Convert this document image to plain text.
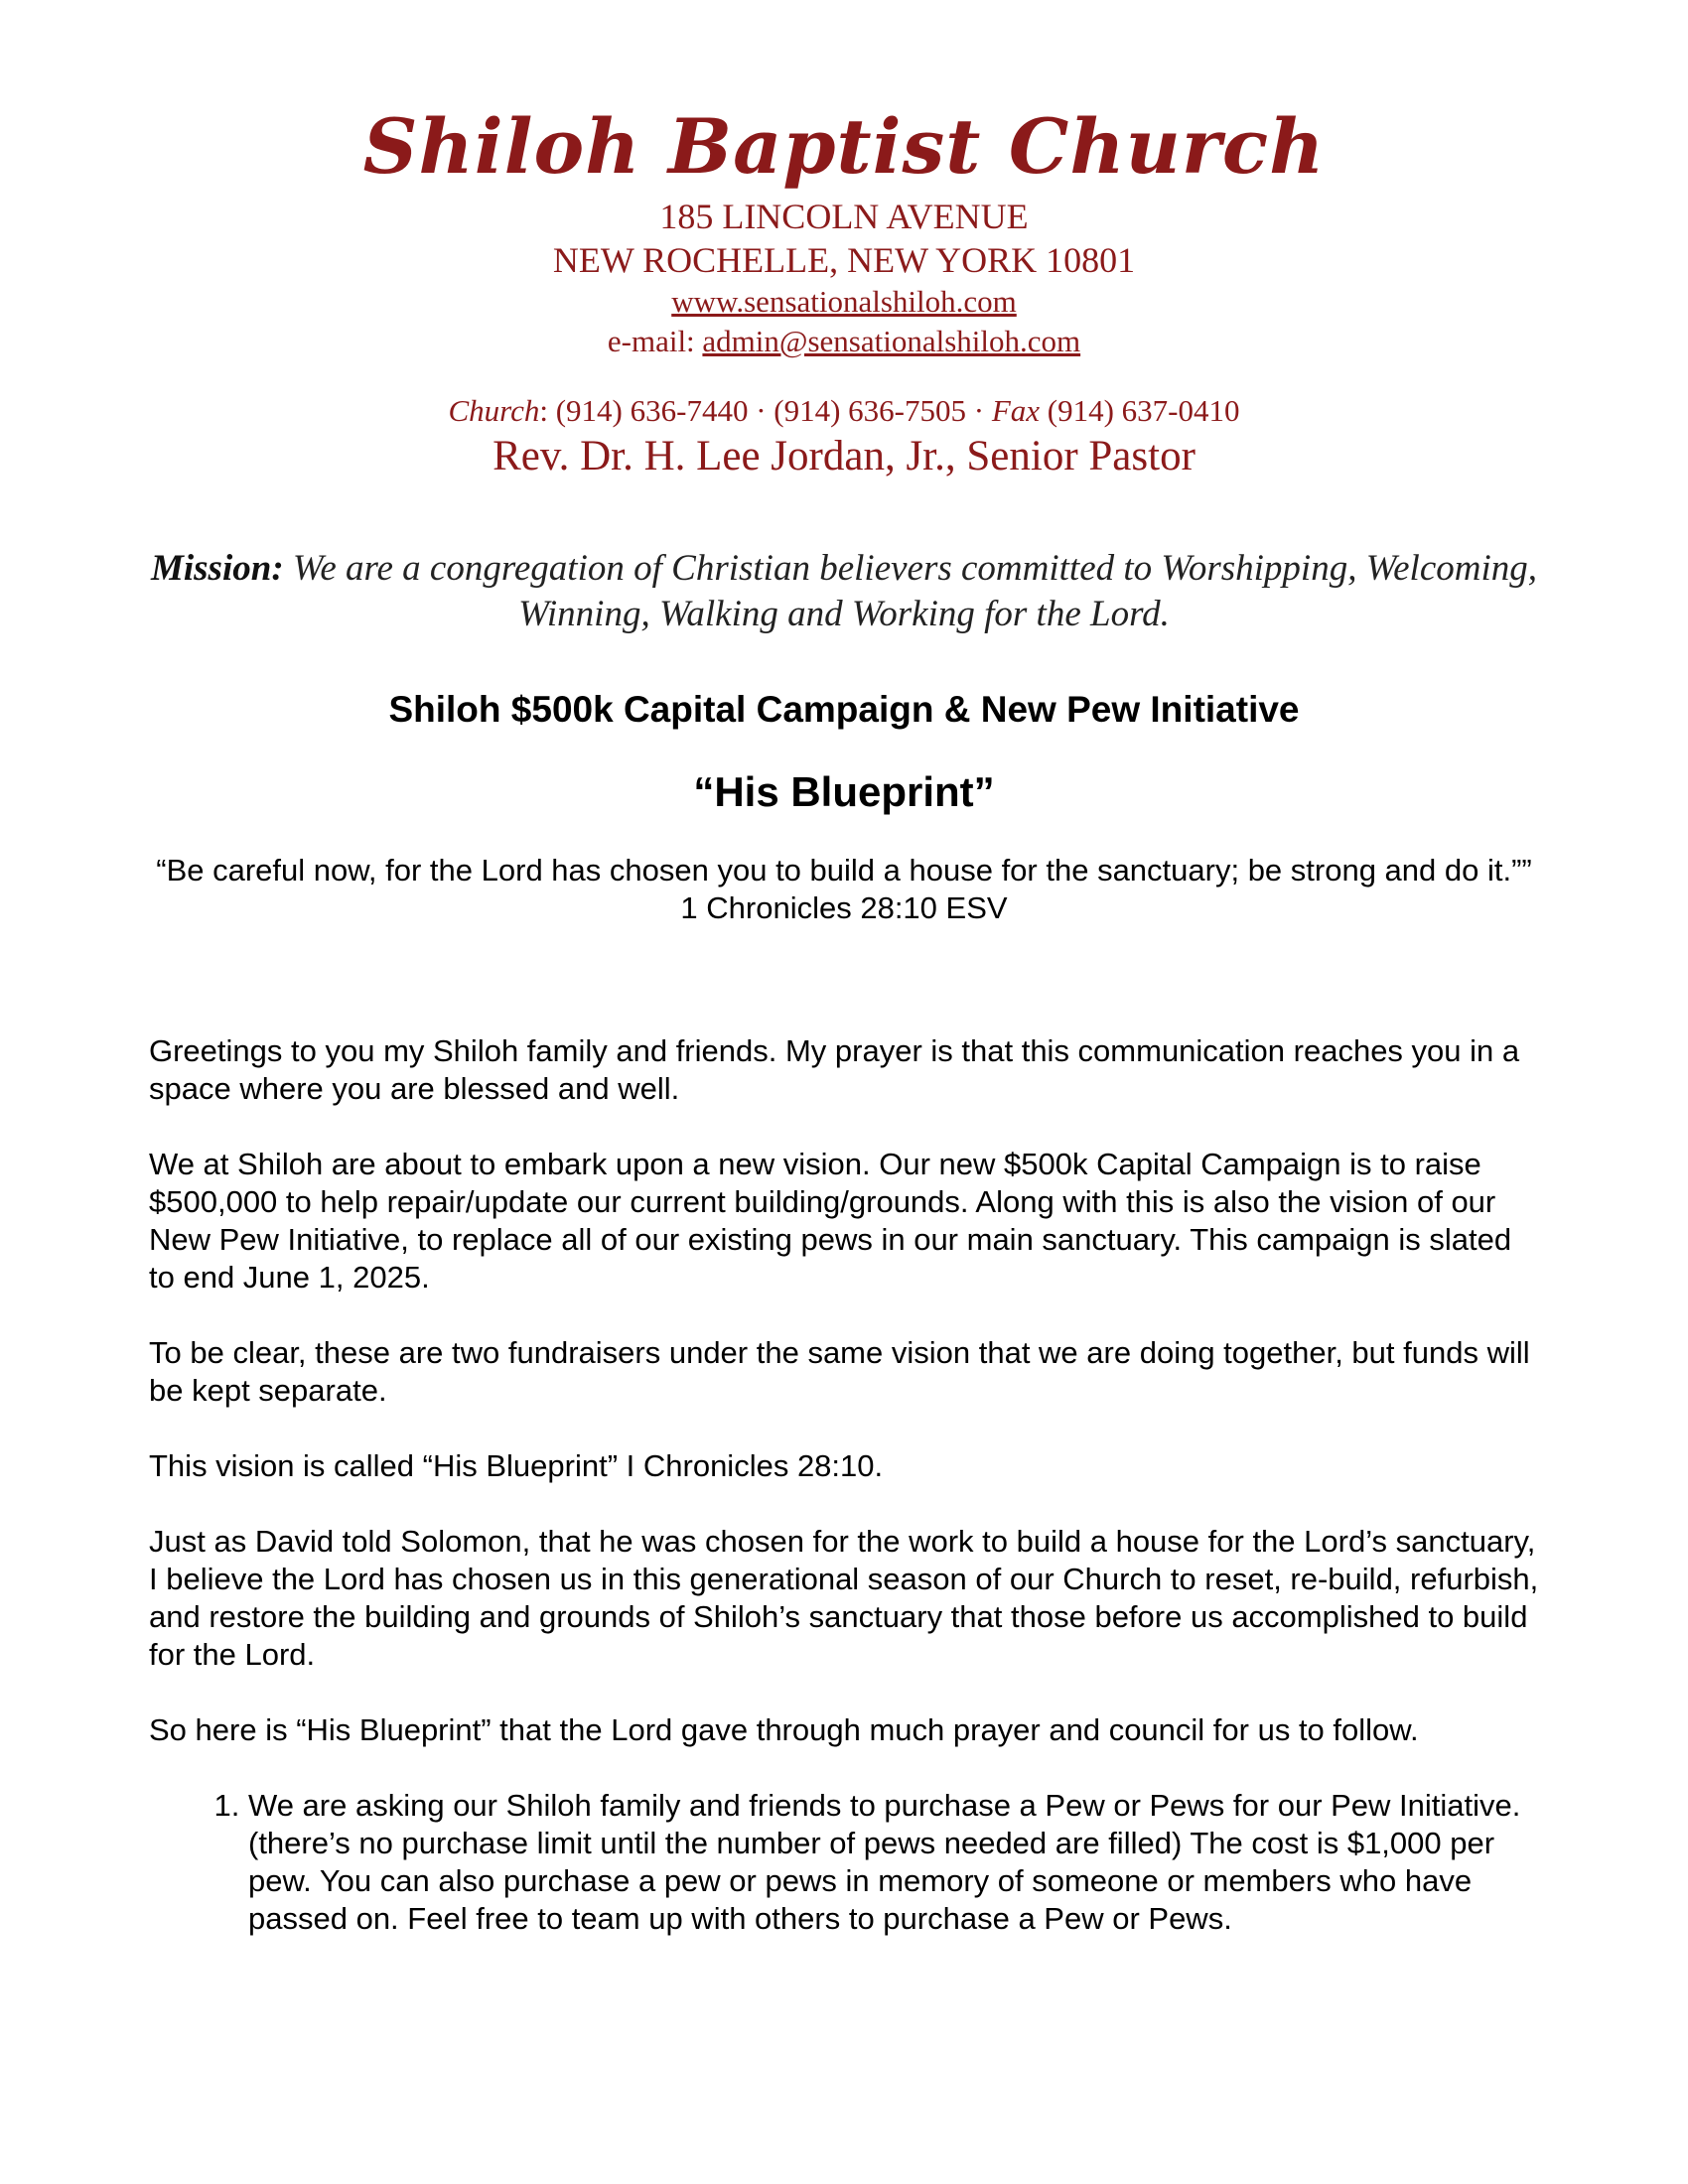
Shiloh Baptist Church
185 LINCOLN AVENUE
NEW ROCHELLE, NEW YORK 10801
www.sensationalshiloh.com
e-mail: admin@sensationalshiloh.com
Church: (914) 636-7440 · (914) 636-7505 · Fax (914) 637-0410
Rev. Dr. H. Lee Jordan, Jr., Senior Pastor
Mission: We are a congregation of Christian believers committed to Worshipping, Welcoming, Winning, Walking and Working for the Lord.
Shiloh $500k Capital Campaign & New Pew Initiative
“His Blueprint”
“Be careful now, for the Lord has chosen you to build a house for the sanctuary; be strong and do it.””
1 Chronicles 28:10 ESV

Greetings to you my Shiloh family and friends. My prayer is that this communication reaches you in a space where you are blessed and well.

We at Shiloh are about to embark upon a new vision. Our new $500k Capital Campaign is to raise $500,000 to help repair/update our current building/grounds. Along with this is also the vision of our New Pew Initiative, to replace all of our existing pews in our main sanctuary. This campaign is slated to end June 1, 2025.

To be clear, these are two fundraisers under the same vision that we are doing together, but funds will be kept separate.

This vision is called “His Blueprint” I Chronicles 28:10.

Just as David told Solomon, that he was chosen for the work to build a house for the Lord’s sanctuary, I believe the Lord has chosen us in this generational season of our Church to reset, re-build, refurbish, and restore the building and grounds of Shiloh’s sanctuary that those before us accomplished to build for the Lord.

So here is “His Blueprint” that the Lord gave through much prayer and council for us to follow.

1. We are asking our Shiloh family and friends to purchase a Pew or Pews for our Pew Initiative. (there’s no purchase limit until the number of pews needed are filled) The cost is $1,000 per pew. You can also purchase a pew or pews in memory of someone or members who have passed on. Feel free to team up with others to purchase a Pew or Pews.
